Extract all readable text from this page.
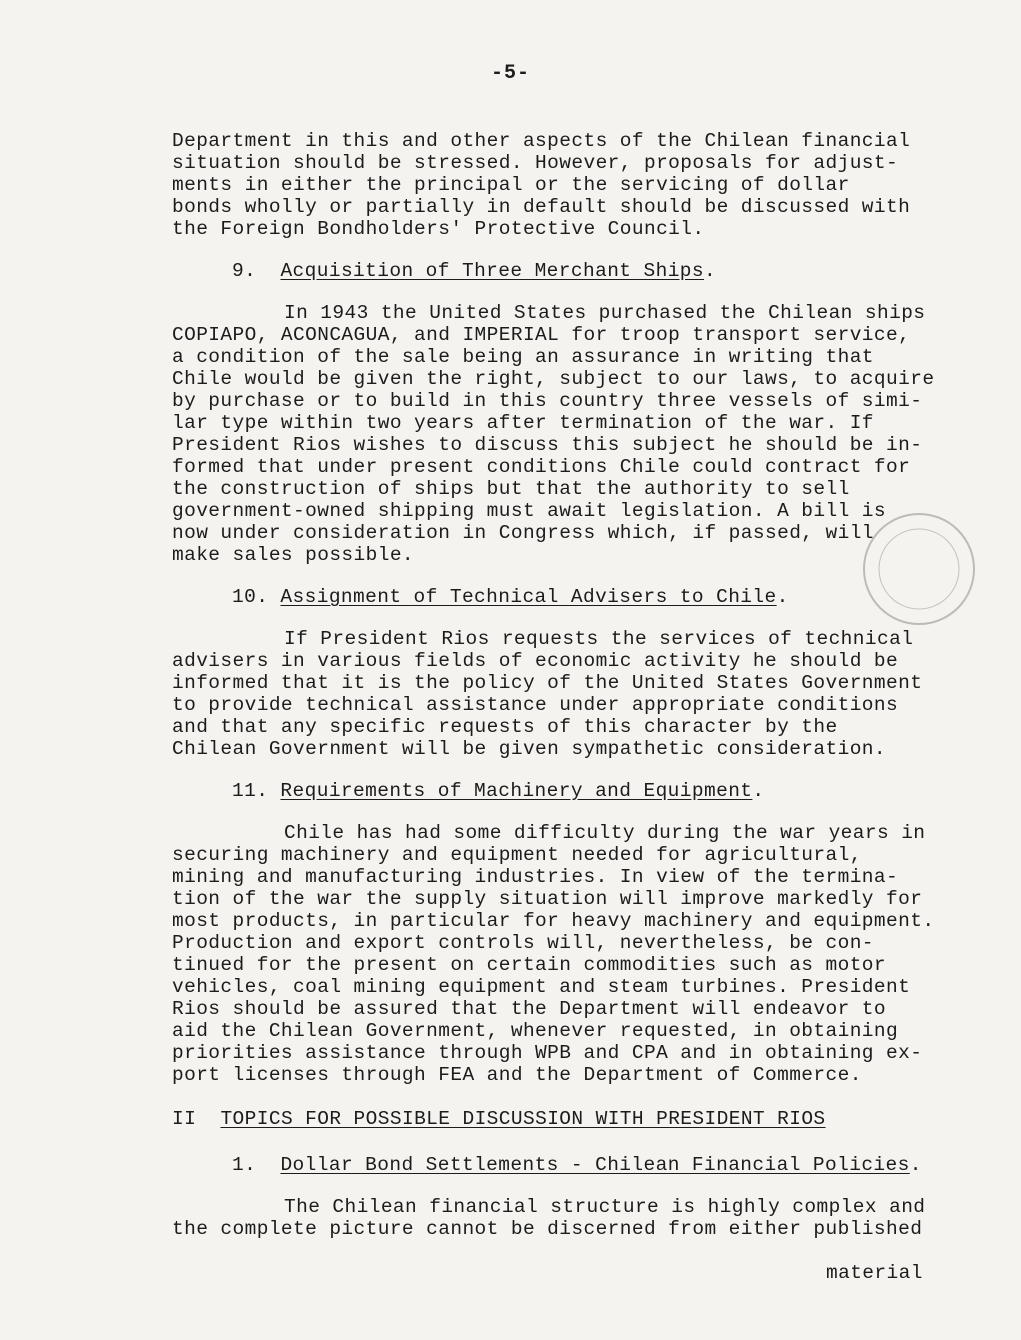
-5-
Department in this and other aspects of the Chilean financial
situation should be stressed. However, proposals for adjust-
ments in either the principal or the servicing of dollar
bonds wholly or partially in default should be discussed with
the Foreign Bondholders' Protective Council.
9. Acquisition of Three Merchant Ships.
In 1943 the United States purchased the Chilean ships
COPIAPO, ACONCAGUA, and IMPERIAL for troop transport service,
a condition of the sale being an assurance in writing that
Chile would be given the right, subject to our laws, to acquire
by purchase or to build in this country three vessels of simi-
lar type within two years after termination of the war. If
President Rios wishes to discuss this subject he should be in-
formed that under present conditions Chile could contract for
the construction of ships but that the authority to sell
government-owned shipping must await legislation. A bill is
now under consideration in Congress which, if passed, will
make sales possible.
10. Assignment of Technical Advisers to Chile.
If President Rios requests the services of technical
advisers in various fields of economic activity he should be
informed that it is the policy of the United States Government
to provide technical assistance under appropriate conditions
and that any specific requests of this character by the
Chilean Government will be given sympathetic consideration.
11. Requirements of Machinery and Equipment.
Chile has had some difficulty during the war years in
securing machinery and equipment needed for agricultural,
mining and manufacturing industries. In view of the termina-
tion of the war the supply situation will improve markedly for
most products, in particular for heavy machinery and equipment.
Production and export controls will, nevertheless, be con-
tinued for the present on certain commodities such as motor
vehicles, coal mining equipment and steam turbines. President
Rios should be assured that the Department will endeavor to
aid the Chilean Government, whenever requested, in obtaining
priorities assistance through WPB and CPA and in obtaining ex-
port licenses through FEA and the Department of Commerce.
II TOPICS FOR POSSIBLE DISCUSSION WITH PRESIDENT RIOS
1. Dollar Bond Settlements - Chilean Financial Policies.
The Chilean financial structure is highly complex and
the complete picture cannot be discerned from either published
material
